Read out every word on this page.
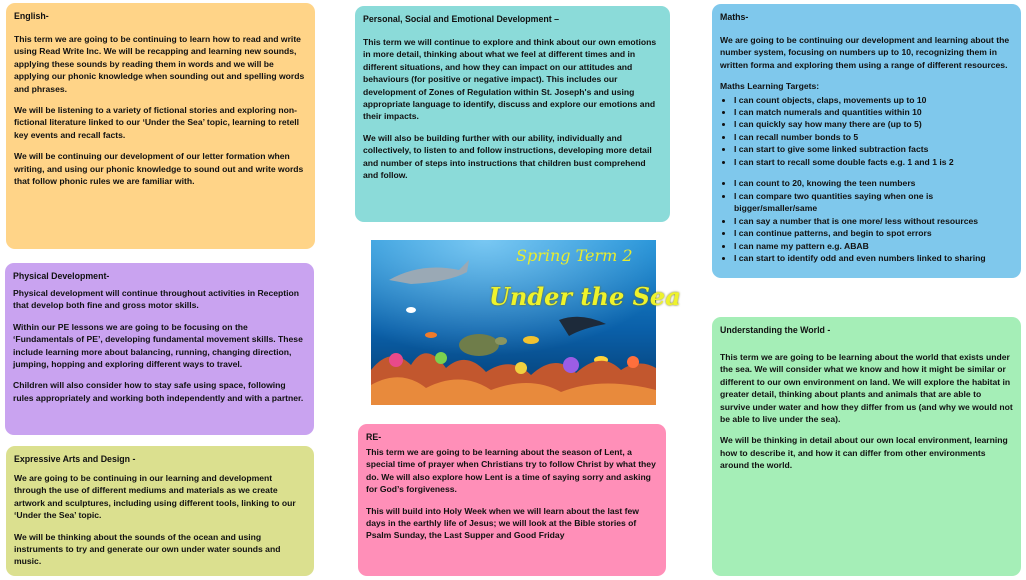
English-

This term we are going to be continuing to learn how to read and write using Read Write Inc. We will be recapping and learning new sounds, applying these sounds by reading them in words and we will be applying our phonic knowledge when sounding out and spelling words and phrases.

We will be listening to a variety of fictional stories and exploring non-fictional literature linked to our ‘Under the Sea’ topic, learning to retell key events and recall facts.

We will be continuing our development of our letter formation when writing, and using our phonic knowledge to sound out and write words that follow phonic rules we are familiar with.

Personal, Social and Emotional Development –

This term we will continue to explore and think about our own emotions in more detail, thinking about what we feel at different times and in different situations, and how they can impact on our attitudes and behaviours (for positive or negative impact). This includes our development of Zones of Regulation within St. Joseph's and using appropriate language to identify, discuss and explore our emotions and their impacts.

We will also be building further with our ability, individually and collectively, to listen to and follow instructions, developing more detail and number of steps into instructions that children bust comprehend and follow.

Maths-

We are going to be continuing our development and learning about the number system, focusing on numbers up to 10, recognizing them in written forma and exploring them using a range of different resources.

Maths Learning Targets:
• I can count objects, claps, movements up to 10
• I can match numerals and quantities within 10
• I can quickly say how many there are (up to 5)
• I can recall number bonds to 5
• I can start to give some linked subtraction facts
• I can start to recall some double facts e.g. 1 and 1 is 2
• I can count to 20, knowing the teen numbers
• I can compare two quantities saying when one is bigger/smaller/same
• I can say a number that is one more/ less without resources
• I can continue patterns, and begin to spot errors
• I can name my pattern e.g. ABAB
• I can start to identify odd and even numbers linked to sharing
Physical Development-

Physical development will continue throughout activities in Reception that develop both fine and gross motor skills.

Within our PE lessons we are going to be focusing on the ‘Fundamentals of PE’, developing fundamental movement skills. These include learning more about balancing, running, changing direction, jumping, hopping and exploring different ways to travel.

Children will also consider how to stay safe using space, following rules appropriately and working both independently and with a partner.

Spring Term 2
Under the Sea
Understanding the World -

This term we are going to be learning about the world that exists under the sea. We will consider what we know and how it might be similar or different to our own environment on land. We will explore the habitat in greater detail, thinking about plants and animals that are able to survive under water and how they differ from us (and why we would not be able to live under the sea).

We will be thinking in detail about our own local environment, learning how to describe it, and how it can differ from other environments around the world.

Expressive Arts and Design -

We are going to be continuing in our learning and development through the use of different mediums and materials as we create artwork and sculptures, including using different tools, linking to our ‘Under the Sea’ topic.

We will be thinking about the sounds of the ocean and using instruments to try and generate our own under water sounds and music.

RE-

This term we are going to be learning about the season of Lent, a special time of prayer when Christians try to follow Christ by what they do. We will also explore how Lent is a time of saying sorry and asking for God’s forgiveness.

This will build into Holy Week when we will learn about the last few days in the earthly life of Jesus; we will look at the Bible stories of Psalm Sunday, the Last Supper and Good Friday
